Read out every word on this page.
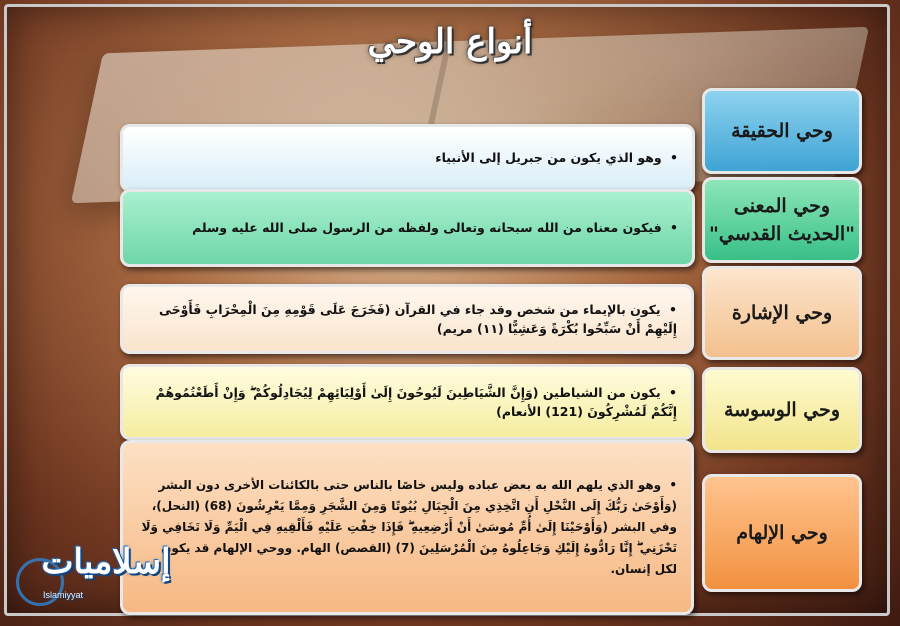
أنواع الوحي
وحي الحقيقة
• وهو الذي يكون من جبريل إلى الأنبياء
وحي المعنى
"الحديث القدسي"
• فيكون معناه من الله سبحانه وتعالى ولفظه من الرسول صلى الله عليه وسلم
وحي الإشارة
• يكون بالإيماء من شخص وقد جاء في القرآن (فَخَرَجَ عَلَى قَوْمِهِ مِنَ الْمِحْرَابِ فَأَوْحَى إِلَيْهِمْ أَنْ سَبِّحُوا بُكْرَةً وَعَشِيًّا (١١) مريم)
وحي الوسوسة
• يكون من الشياطين (وَإِنَّ الشَّيَاطِينَ لَيُوحُونَ إِلَىٰ أَوْلِيَائِهِمْ لِيُجَادِلُوكُمْ ۖ وَإِنْ أَطَعْتُمُوهُمْ إِنَّكُمْ لَمُشْرِكُونَ (121) الأنعام)
وحي الإلهام
• وهو الذي يلهم الله به بعض عباده وليس خاصًا بالناس حتى بالكائنات الأخرى دون البشر (وَأَوْحَىٰ رَبُّكَ إِلَى النَّحْلِ أَنِ اتَّخِذِي مِنَ الْجِبَالِ بُيُوتًا وَمِنَ الشَّجَرِ وَمِمَّا يَعْرِشُونَ (68) (النحل)، وفي البشر (وَأَوْحَيْنَا إِلَىٰ أُمِّ مُوسَىٰ أَنْ أَرْضِعِيهِ ۖ فَإِذَا خِفْتِ عَلَيْهِ فَأَلْقِيهِ فِي الْيَمِّ وَلَا تَخَافِي وَلَا تَحْزَنِي ۖ إِنَّا رَادُّوهُ إِلَيْكِ وَجَاعِلُوهُ مِنَ الْمُرْسَلِينَ (7) (القصص) الهام. ووحي الإلهام قد يكون لكل إنسان.
إسلاميات
Islamiyyat
